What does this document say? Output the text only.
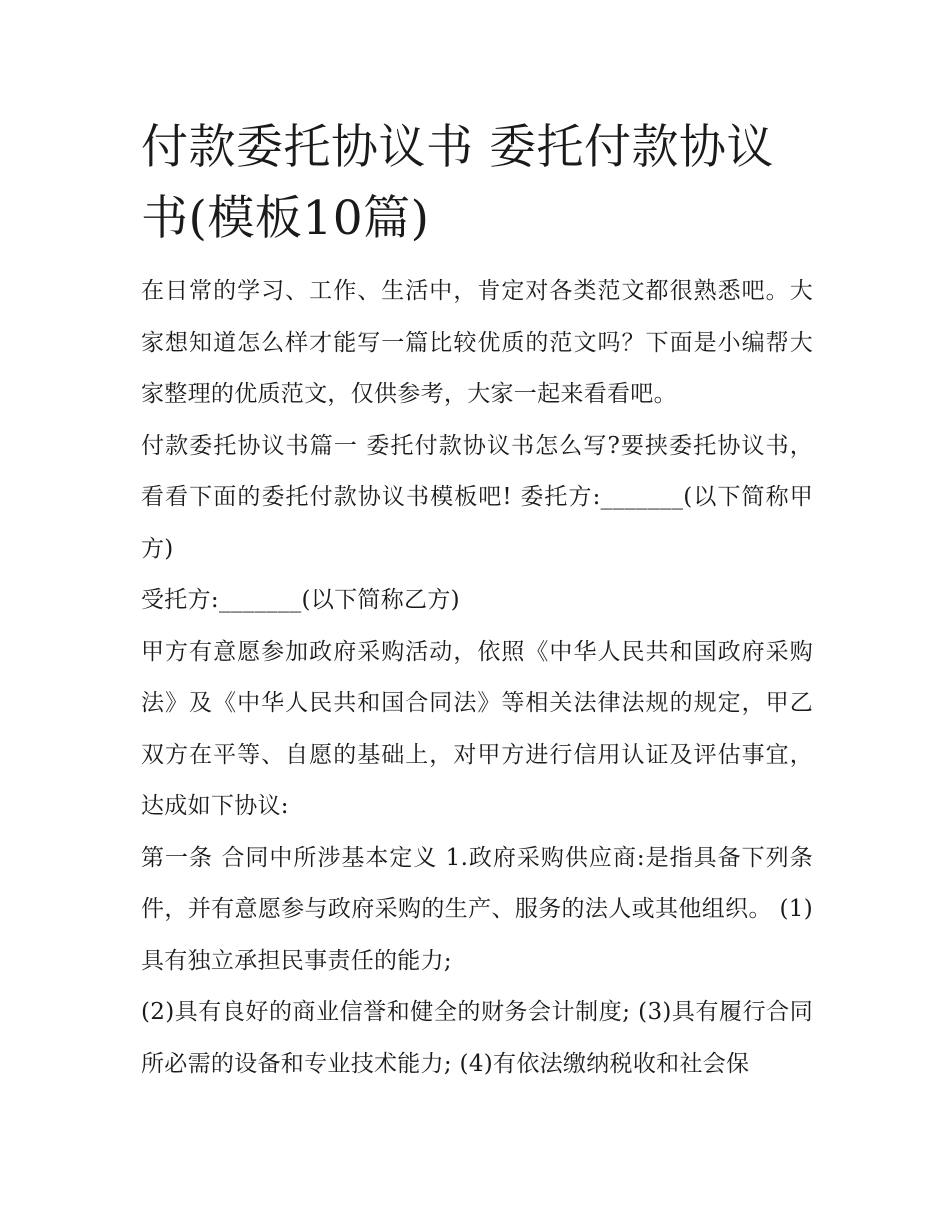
付款委托协议书 委托付款协议书(模板10篇)

在日常的学习、工作、生活中，肯定对各类范文都很熟悉吧。大家想知道怎么样才能写一篇比较优质的范文吗？下面是小编帮大家整理的优质范文，仅供参考，大家一起来看看吧。

付款委托协议书篇一 委托付款协议书怎么写?要挟委托协议书，看看下面的委托付款协议书模板吧! 委托方:_______(以下简称甲方)

受托方:_______(以下简称乙方)

甲方有意愿参加政府采购活动，依照《中华人民共和国政府采购法》及《中华人民共和国合同法》等相关法律法规的规定，甲乙双方在平等、自愿的基础上，对甲方进行信用认证及评估事宜，达成如下协议:

第一条 合同中所涉基本定义 1.政府采购供应商:是指具备下列条件，并有意愿参与政府采购的生产、服务的法人或其他组织。 (1)具有独立承担民事责任的能力;

(2)具有良好的商业信誉和健全的财务会计制度; (3)具有履行合同所必需的设备和专业技术能力; (4)有依法缴纳税收和社会保
